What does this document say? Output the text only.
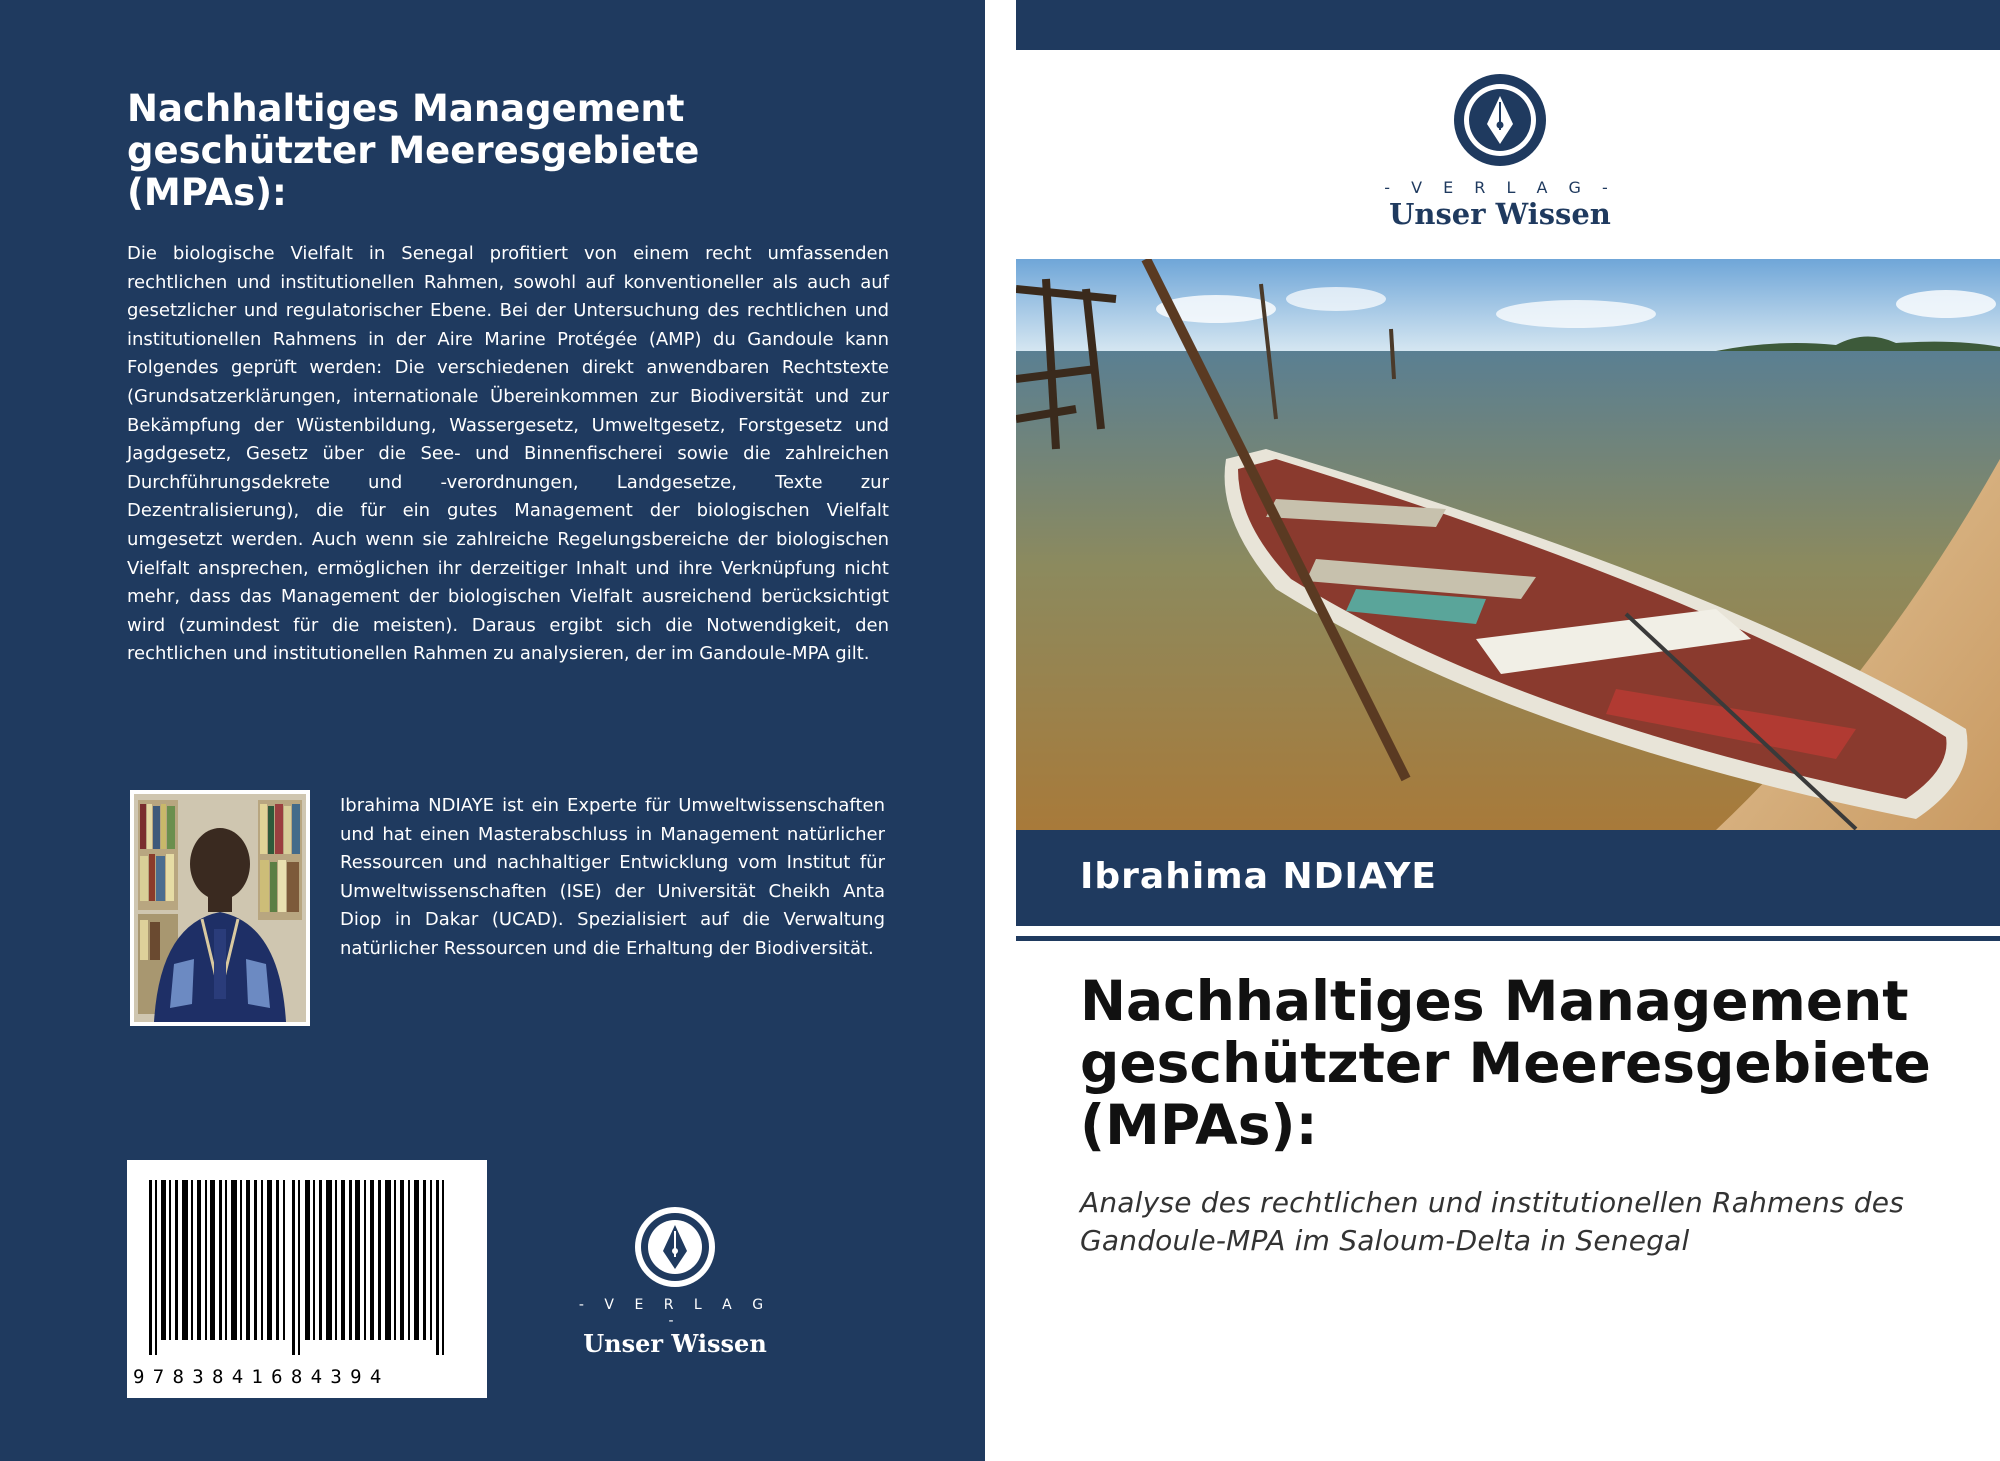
Nachhaltiges Management geschützter Meeresgebiete (MPAs):
Die biologische Vielfalt in Senegal profitiert von einem recht umfassenden rechtlichen und institutionellen Rahmen, sowohl auf konventioneller als auch auf gesetzlicher und regulatorischer Ebene. Bei der Untersuchung des rechtlichen und institutionellen Rahmens in der Aire Marine Protégée (AMP) du Gandoule kann Folgendes geprüft werden: Die verschiedenen direkt anwendbaren Rechtstexte (Grundsatzerklärungen, internationale Übereinkommen zur Biodiversität und zur Bekämpfung der Wüstenbildung, Wassergesetz, Umweltgesetz, Forstgesetz und Jagdgesetz, Gesetz über die See- und Binnenfischerei sowie die zahlreichen Durchführungsdekrete und -verordnungen, Landgesetze, Texte zur Dezentralisierung), die für ein gutes Management der biologischen Vielfalt umgesetzt werden. Auch wenn sie zahlreiche Regelungsbereiche der biologischen Vielfalt ansprechen, ermöglichen ihr derzeitiger Inhalt und ihre Verknüpfung nicht mehr, dass das Management der biologischen Vielfalt ausreichend berücksichtigt wird (zumindest für die meisten). Daraus ergibt sich die Notwendigkeit, den rechtlichen und institutionellen Rahmen zu analysieren, der im Gandoule-MPA gilt.
Ibrahima NDIAYE ist ein Experte für Umweltwissenschaften und hat einen Masterabschluss in Management natürlicher Ressourcen und nachhaltiger Entwicklung vom Institut für Umweltwissenschaften (ISE) der Universität Cheikh Anta Diop in Dakar (UCAD). Spezialisiert auf die Verwaltung natürlicher Ressourcen und die Erhaltung der Biodiversität.
9783841684394
- V E R L A G -
Unser Wissen
- V E R L A G -
Unser Wissen
Ibrahima NDIAYE
Nachhaltiges Management geschützter Meeresgebiete (MPAs):
Analyse des rechtlichen und institutionellen Rahmens des Gandoule-MPA im Saloum-Delta in Senegal
